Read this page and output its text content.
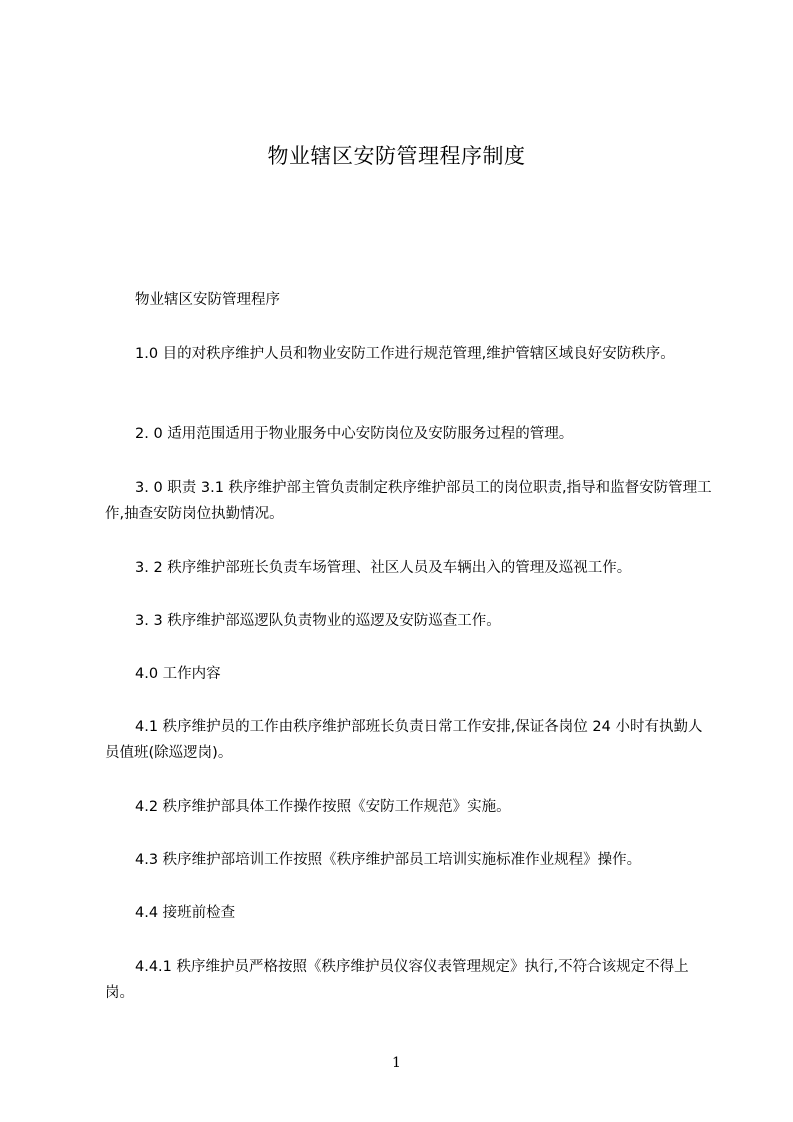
物业辖区安防管理程序制度
物业辖区安防管理程序
1.0 目的对秩序维护人员和物业安防工作进行规范管理,维护管辖区域良好安防秩序。
2. 0 适用范围适用于物业服务中心安防岗位及安防服务过程的管理。
3. 0 职责 3.1 秩序维护部主管负责制定秩序维护部员工的岗位职责,指导和监督安防管理工作,抽查安防岗位执勤情况。
3. 2 秩序维护部班长负责车场管理、社区人员及车辆出入的管理及巡视工作。
3. 3 秩序维护部巡逻队负责物业的巡逻及安防巡查工作。
4.0 工作内容
4.1 秩序维护员的工作由秩序维护部班长负责日常工作安排,保证各岗位 24 小时有执勤人员值班(除巡逻岗)。
4.2 秩序维护部具体工作操作按照《安防工作规范》实施。
4.3 秩序维护部培训工作按照《秩序维护部员工培训实施标准作业规程》操作。
4.4 接班前检查
4.4.1 秩序维护员严格按照《秩序维护员仪容仪表管理规定》执行,不符合该规定不得上岗。
1
